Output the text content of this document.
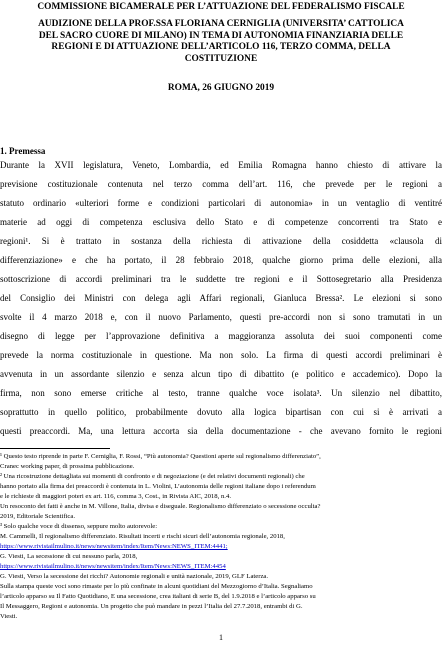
COMMISSIONE BICAMERALE PER L’ATTUAZIONE DEL FEDERALISMO FISCALE
AUDIZIONE DELLA PROF.SSA FLORIANA CERNIGLIA (UNIVERSITA’ CATTOLICA
DEL SACRO CUORE DI MILANO) IN TEMA DI AUTONOMIA FINANZIARIA DELLE
REGIONI E DI ATTUAZIONE DELL’ARTICOLO 116, TERZO COMMA, DELLA
COSTITUZIONE
ROMA, 26 GIUGNO 2019
1. Premessa
Durante la XVII legislatura, Veneto, Lombardia, ed Emilia Romagna hanno chiesto di attivare la
previsione costituzionale contenuta nel terzo comma dell’art. 116, che prevede per le regioni a
statuto ordinario «ulteriori forme e condizioni particolari di autonomia» in un ventaglio di ventitré
materie ad oggi di competenza esclusiva dello Stato e di competenze concorrenti tra Stato e
regioni¹. Si è trattato in sostanza della richiesta di attivazione della cosiddetta «clausola di
differenziazione» e che ha portato, il 28 febbraio 2018, qualche giorno prima delle elezioni, alla
sottoscrizione di accordi preliminari tra le suddette tre regioni e il Sottosegretario alla Presidenza
del Consiglio dei Ministri con delega agli Affari regionali, Gianluca Bressa². Le elezioni si sono
svolte il 4 marzo 2018 e, con il nuovo Parlamento, questi pre-accordi non si sono tramutati in un
disegno di legge per l’approvazione definitiva a maggioranza assoluta dei suoi componenti come
prevede la norma costituzionale in questione. Ma non solo. La firma di questi accordi preliminari è
avvenuta in un assordante silenzio e senza alcun tipo di dibattito (e politico e accademico). Dopo la
firma, non sono emerse critiche al testo, tranne qualche voce isolata³. Un silenzio nel dibattito,
soprattutto in quello politico, probabilmente dovuto alla logica bipartisan con cui si è arrivati a
questi preaccordi. Ma, una lettura accorta sia della documentazione - che avevano fornito le regioni
¹ Questo testo riprende in parte F. Cerniglia, F. Rossi, “Più autonomia? Questioni aperte sul regionalismo differenziato”,
Cranec working paper, di prossima pubblicazione.
² Una ricostruzione dettagliata sui momenti di confronto e di negoziazione (e dei relativi documenti regionali) che
hanno portato alla firma dei preaccordi è contenuta in L. Violini, L’autonomia delle regioni italiane dopo i referendum
e le richieste di maggiori poteri ex art. 116, comma 3, Cost., in Rivista AIC, 2018, n.4.
Un resoconto dei fatti è anche in M. Villone, Italia, divisa e diseguale. Regionalismo differenziato o secessione occulta?
2019, Editoriale Scientifica.
³ Solo qualche voce di dissenso, seppure molto autorevole:
M. Cammelli, Il regionalismo differenziato. Risultati incerti e rischi sicuri dell’autonomia regionale, 2018,
https://www.rivistailmulino.it/news/newsitem/index/Item/News:NEWS_ITEM:4441;
G. Viesti, La secessione di cui nessuno parla, 2018,
https://www.rivistailmulino.it/news/newsitem/index/Item/News:NEWS_ITEM:4454
G. Viesti, Verso la secessione dei ricchi? Autonomie regionali e unità nazionale, 2019, GLF Laterza.
Sulla stampa queste voci sono rimaste per lo più confinate in alcuni quotidiani del Mezzogiorno d’Italia. Segnaliamo
l’articolo apparso su Il Fatto Quotidiano, E una secessione, crea italiani di serie B, del 1.9.2018 e l’articolo apparso su
Il Messaggero, Regioni e autonomia. Un progetto che può mandare in pezzi l’Italia del 27.7.2018, entrambi di G.
Viesti.
1
